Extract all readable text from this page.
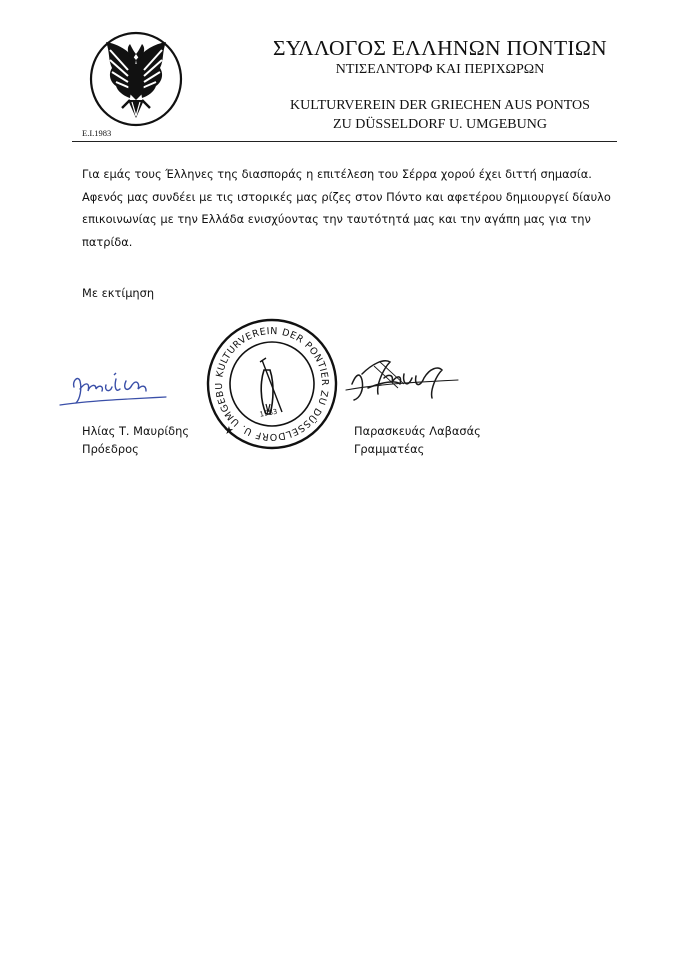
E.I.1983
ΣΥΛΛΟΓΟΣ ΕΛΛΗΝΩΝ ΠΟΝΤΙΩΝ
ΝΤΙΣΕΛΝΤΟΡΦ ΚΑΙ ΠΕΡΙΧΩΡΩΝ
KULTURVEREIN DER GRIECHEN AUS PONTOS
ZU DÜSSELDORF U. UMGEBUNG
Για εμάς τους Έλληνες της διασποράς η επιτέλεση του Σέρρα χορού έχει διττή σημασία.
Αφενός μας συνδέει με τις ιστορικές μας ρίζες στον Πόντο και αφετέρου δημιουργεί δίαυλο
επικοινωνίας με την Ελλάδα ενισχύοντας την ταυτότητά μας και την αγάπη μας για την
πατρίδα.
Με εκτίμηση
KULTURVEREIN DER PONTIER ZU DÜSSELDORF U. UMGEBU
★
1983
Ηλίας Τ. Μαυρίδης
Πρόεδρος
Παρασκευάς Λαβασάς
Γραμματέας
